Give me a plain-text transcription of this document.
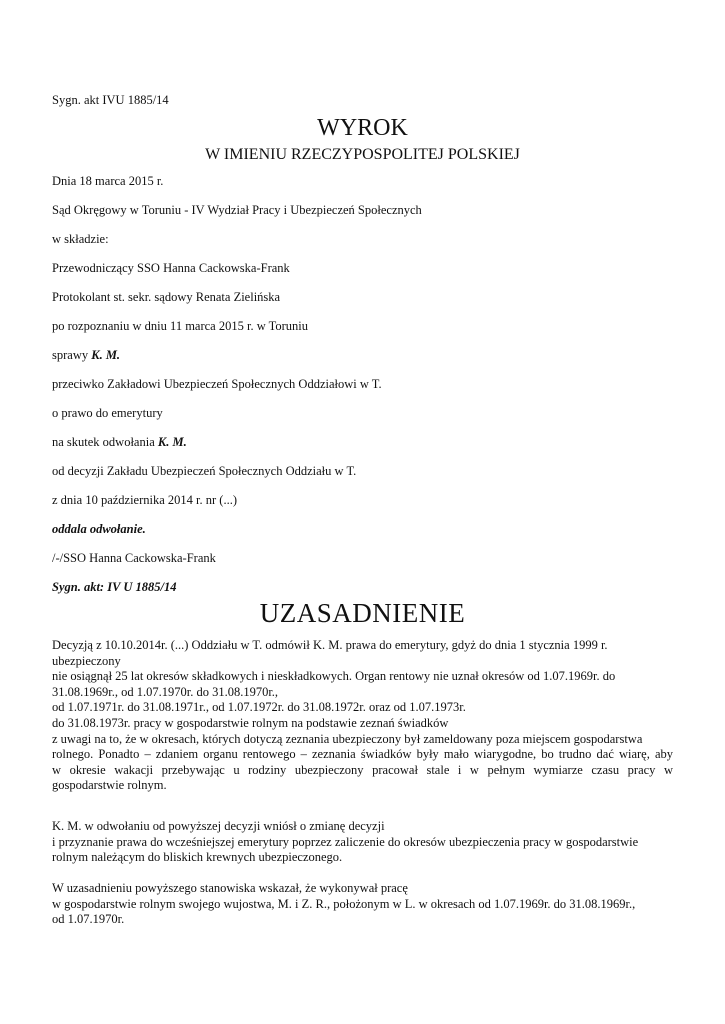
Sygn. akt IVU 1885/14
WYROK
W IMIENIU RZECZYPOSPOLITEJ POLSKIEJ
Dnia 18 marca 2015 r.
Sąd Okręgowy w Toruniu - IV Wydział Pracy i Ubezpieczeń Społecznych
w składzie:
Przewodniczący SSO Hanna Cackowska-Frank
Protokolant st. sekr. sądowy Renata Zielińska
po rozpoznaniu w dniu 11 marca 2015 r. w Toruniu
sprawy K. M.
przeciwko Zakładowi Ubezpieczeń Społecznych Oddziałowi w T.
o prawo do emerytury
na skutek odwołania K. M.
od decyzji Zakładu Ubezpieczeń Społecznych Oddziału w T.
z dnia 10 października 2014 r. nr (...)
oddala odwołanie.
/-/SSO Hanna Cackowska-Frank
Sygn. akt: IV U 1885/14
UZASADNIENIE
Decyzją z 10.10.2014r. (...) Oddziału w T. odmówił K. M. prawa do emerytury, gdyż do dnia 1 stycznia 1999 r.
ubezpieczony
nie osiągnął 25 lat okresów składkowych i nieskładkowych. Organ rentowy nie uznał okresów od 1.07.1969r. do
31.08.1969r., od 1.07.1970r. do 31.08.1970r.,
od 1.07.1971r. do 31.08.1971r., od 1.07.1972r. do 31.08.1972r. oraz od 1.07.1973r.
do 31.08.1973r. pracy w gospodarstwie rolnym na podstawie zeznań świadków
z uwagi na to, że w okresach, których dotyczą zeznania ubezpieczony był zameldowany poza miejscem gospodarstwa
rolnego. Ponadto – zdaniem organu rentowego – zeznania świadków były mało wiarygodne, bo trudno dać wiarę, aby
w okresie wakacji przebywając u rodziny ubezpieczony pracował stale i w pełnym wymiarze czasu pracy w
gospodarstwie rolnym.
K. M. w odwołaniu od powyższej decyzji wniósł o zmianę decyzji
i przyznanie prawa do wcześniejszej emerytury poprzez zaliczenie do okresów ubezpieczenia pracy w gospodarstwie
rolnym należącym do bliskich krewnych ubezpieczonego.
W uzasadnieniu powyższego stanowiska wskazał, że wykonywał pracę
w gospodarstwie rolnym swojego wujostwa, M. i Z. R., położonym w L. w okresach od 1.07.1969r. do 31.08.1969r.,
od 1.07.1970r.
